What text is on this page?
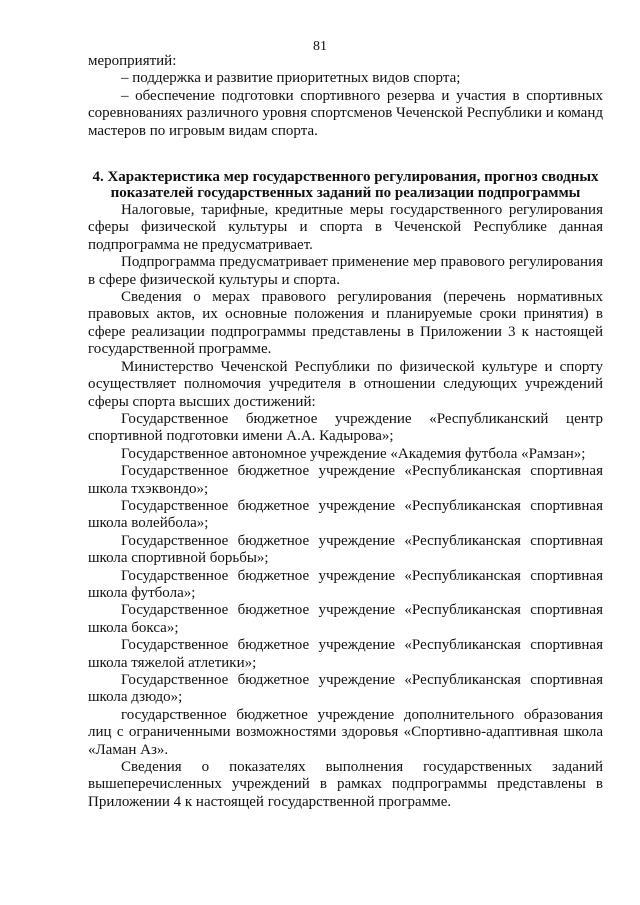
81

мероприятий:

– поддержка и развитие приоритетных видов спорта;

– обеспечение подготовки спортивного резерва и участия в спортивных соревнованиях различного уровня спортсменов Чеченской Республики и команд мастеров по игровым видам спорта.

4. Характеристика мер государственного регулирования, прогноз сводных показателей государственных заданий по реализации подпрограммы

Налоговые, тарифные, кредитные меры государственного регулирования сферы физической культуры и спорта в Чеченской Республике данная подпрограмма не предусматривает.

Подпрограмма предусматривает применение мер правового регулирования в сфере физической культуры и спорта.

Сведения о мерах правового регулирования (перечень нормативных правовых актов, их основные положения и планируемые сроки принятия) в сфере реализации подпрограммы представлены в Приложении 3 к настоящей государственной программе.

Министерство Чеченской Республики по физической культуре и спорту осуществляет полномочия учредителя в отношении следующих учреждений сферы спорта высших достижений:

Государственное бюджетное учреждение «Республиканский центр спортивной подготовки имени А.А. Кадырова»;

Государственное автономное учреждение «Академия футбола «Рамзан»;

Государственное бюджетное учреждение «Республиканская спортивная школа тхэквондо»;

Государственное бюджетное учреждение «Республиканская спортивная школа волейбола»;

Государственное бюджетное учреждение «Республиканская спортивная школа спортивной борьбы»;

Государственное бюджетное учреждение «Республиканская спортивная школа футбола»;

Государственное бюджетное учреждение «Республиканская спортивная школа бокса»;

Государственное бюджетное учреждение «Республиканская спортивная школа тяжелой атлетики»;

Государственное бюджетное учреждение «Республиканская спортивная школа дзюдо»;

государственное бюджетное учреждение дополнительного образования лиц с ограниченными возможностями здоровья «Спортивно-адаптивная школа «Ламан Аз».

Сведения о показателях выполнения государственных заданий вышеперечисленных учреждений в рамках подпрограммы представлены в Приложении 4 к настоящей государственной программе.
